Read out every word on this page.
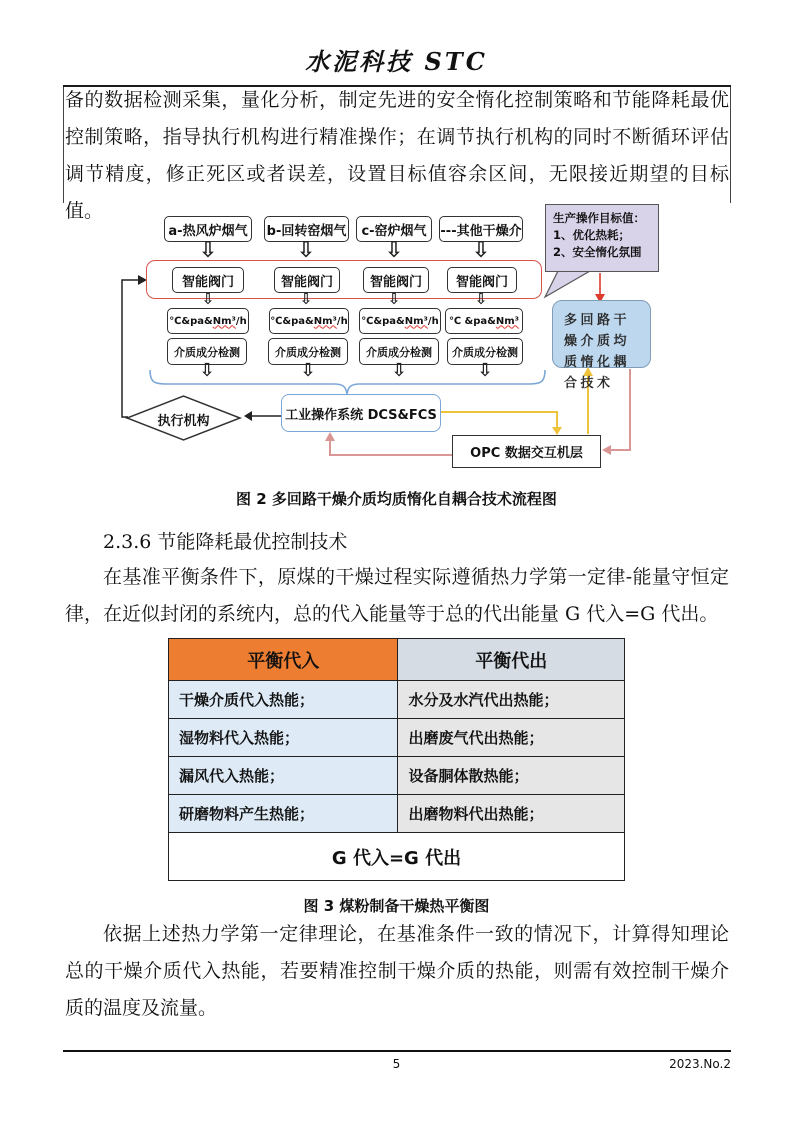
水泥科技 STC
备的数据检测采集，量化分析，制定先进的安全惰化控制策略和节能降耗最优控制策略，指导执行机构进行精准操作；在调节执行机构的同时不断循环评估调节精度，修正死区或者误差，设置目标值容余区间，无限接近期望的目标值。
a-热风炉烟气 b-回转窑烟气 c-窑炉烟气 ---其他干燥介
⇩	⇩	⇩	⇩
智能阀门	智能阀门	智能阀门	智能阀门
⇩	⇩	⇩	⇩
℃&pa& Nm³ /h ℃&pa& Nm³ /h ℃&pa& Nm³ /h ℃ &pa& Nm³
介质成分检测	介质成分检测 介质成分检测 介质成分检测
⇩	⇩	⇩	⇩
生产操作目标值：
1、优化热耗；
2、安全惰化氛围
多回路干燥介质均质惰化耦合技术
工业操作系统 DCS&FCS
执行机构
OPC 数据交互机层
图 2 多回路干燥介质均质惰化自耦合技术流程图
2.3.6 节能降耗最优控制技术
在基准平衡条件下，原煤的干燥过程实际遵循热力学第一定律-能量守恒定律，在近似封闭的系统内，总的代入能量等于总的代出能量 G 代入=G 代出。
平衡代入	平衡代出
干燥介质代入热能；	水分及水汽代出热能；
湿物料代入热能；	出磨废气代出热能；
漏风代入热能；	设备胴体散热能；
研磨物料产生热能；	出磨物料代出热能；
G 代入=G 代出	
图 3 煤粉制备干燥热平衡图
依据上述热力学第一定律理论，在基准条件一致的情况下，计算得知理论总的干燥介质代入热能，若要精准控制干燥介质的热能，则需有效控制干燥介质的温度及流量。
5	2023.No.2
